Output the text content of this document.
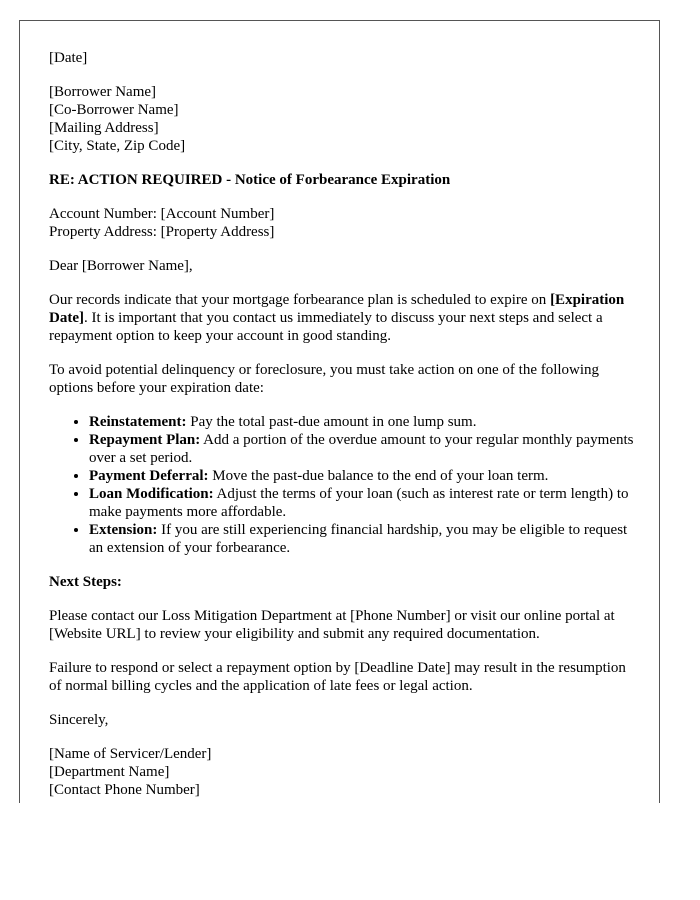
[Date]

[Borrower Name]
[Co-Borrower Name]
[Mailing Address]
[City, State, Zip Code]

RE: ACTION REQUIRED - Notice of Forbearance Expiration

Account Number: [Account Number]
Property Address: [Property Address]

Dear [Borrower Name],

Our records indicate that your mortgage forbearance plan is scheduled to expire on [Expiration Date]. It is important that you contact us immediately to discuss your next steps and select a repayment option to keep your account in good standing.

To avoid potential delinquency or foreclosure, you must take action on one of the following options before your expiration date:

• Reinstatement: Pay the total past-due amount in one lump sum.
• Repayment Plan: Add a portion of the overdue amount to your regular monthly payments over a set period.
• Payment Deferral: Move the past-due balance to the end of your loan term.
• Loan Modification: Adjust the terms of your loan (such as interest rate or term length) to make payments more affordable.
• Extension: If you are still experiencing financial hardship, you may be eligible to request an extension of your forbearance.

Next Steps:

Please contact our Loss Mitigation Department at [Phone Number] or visit our online portal at [Website URL] to review your eligibility and submit any required documentation.

Failure to respond or select a repayment option by [Deadline Date] may result in the resumption of normal billing cycles and the application of late fees or legal action.

Sincerely,

[Name of Servicer/Lender]
[Department Name]
[Contact Phone Number]
